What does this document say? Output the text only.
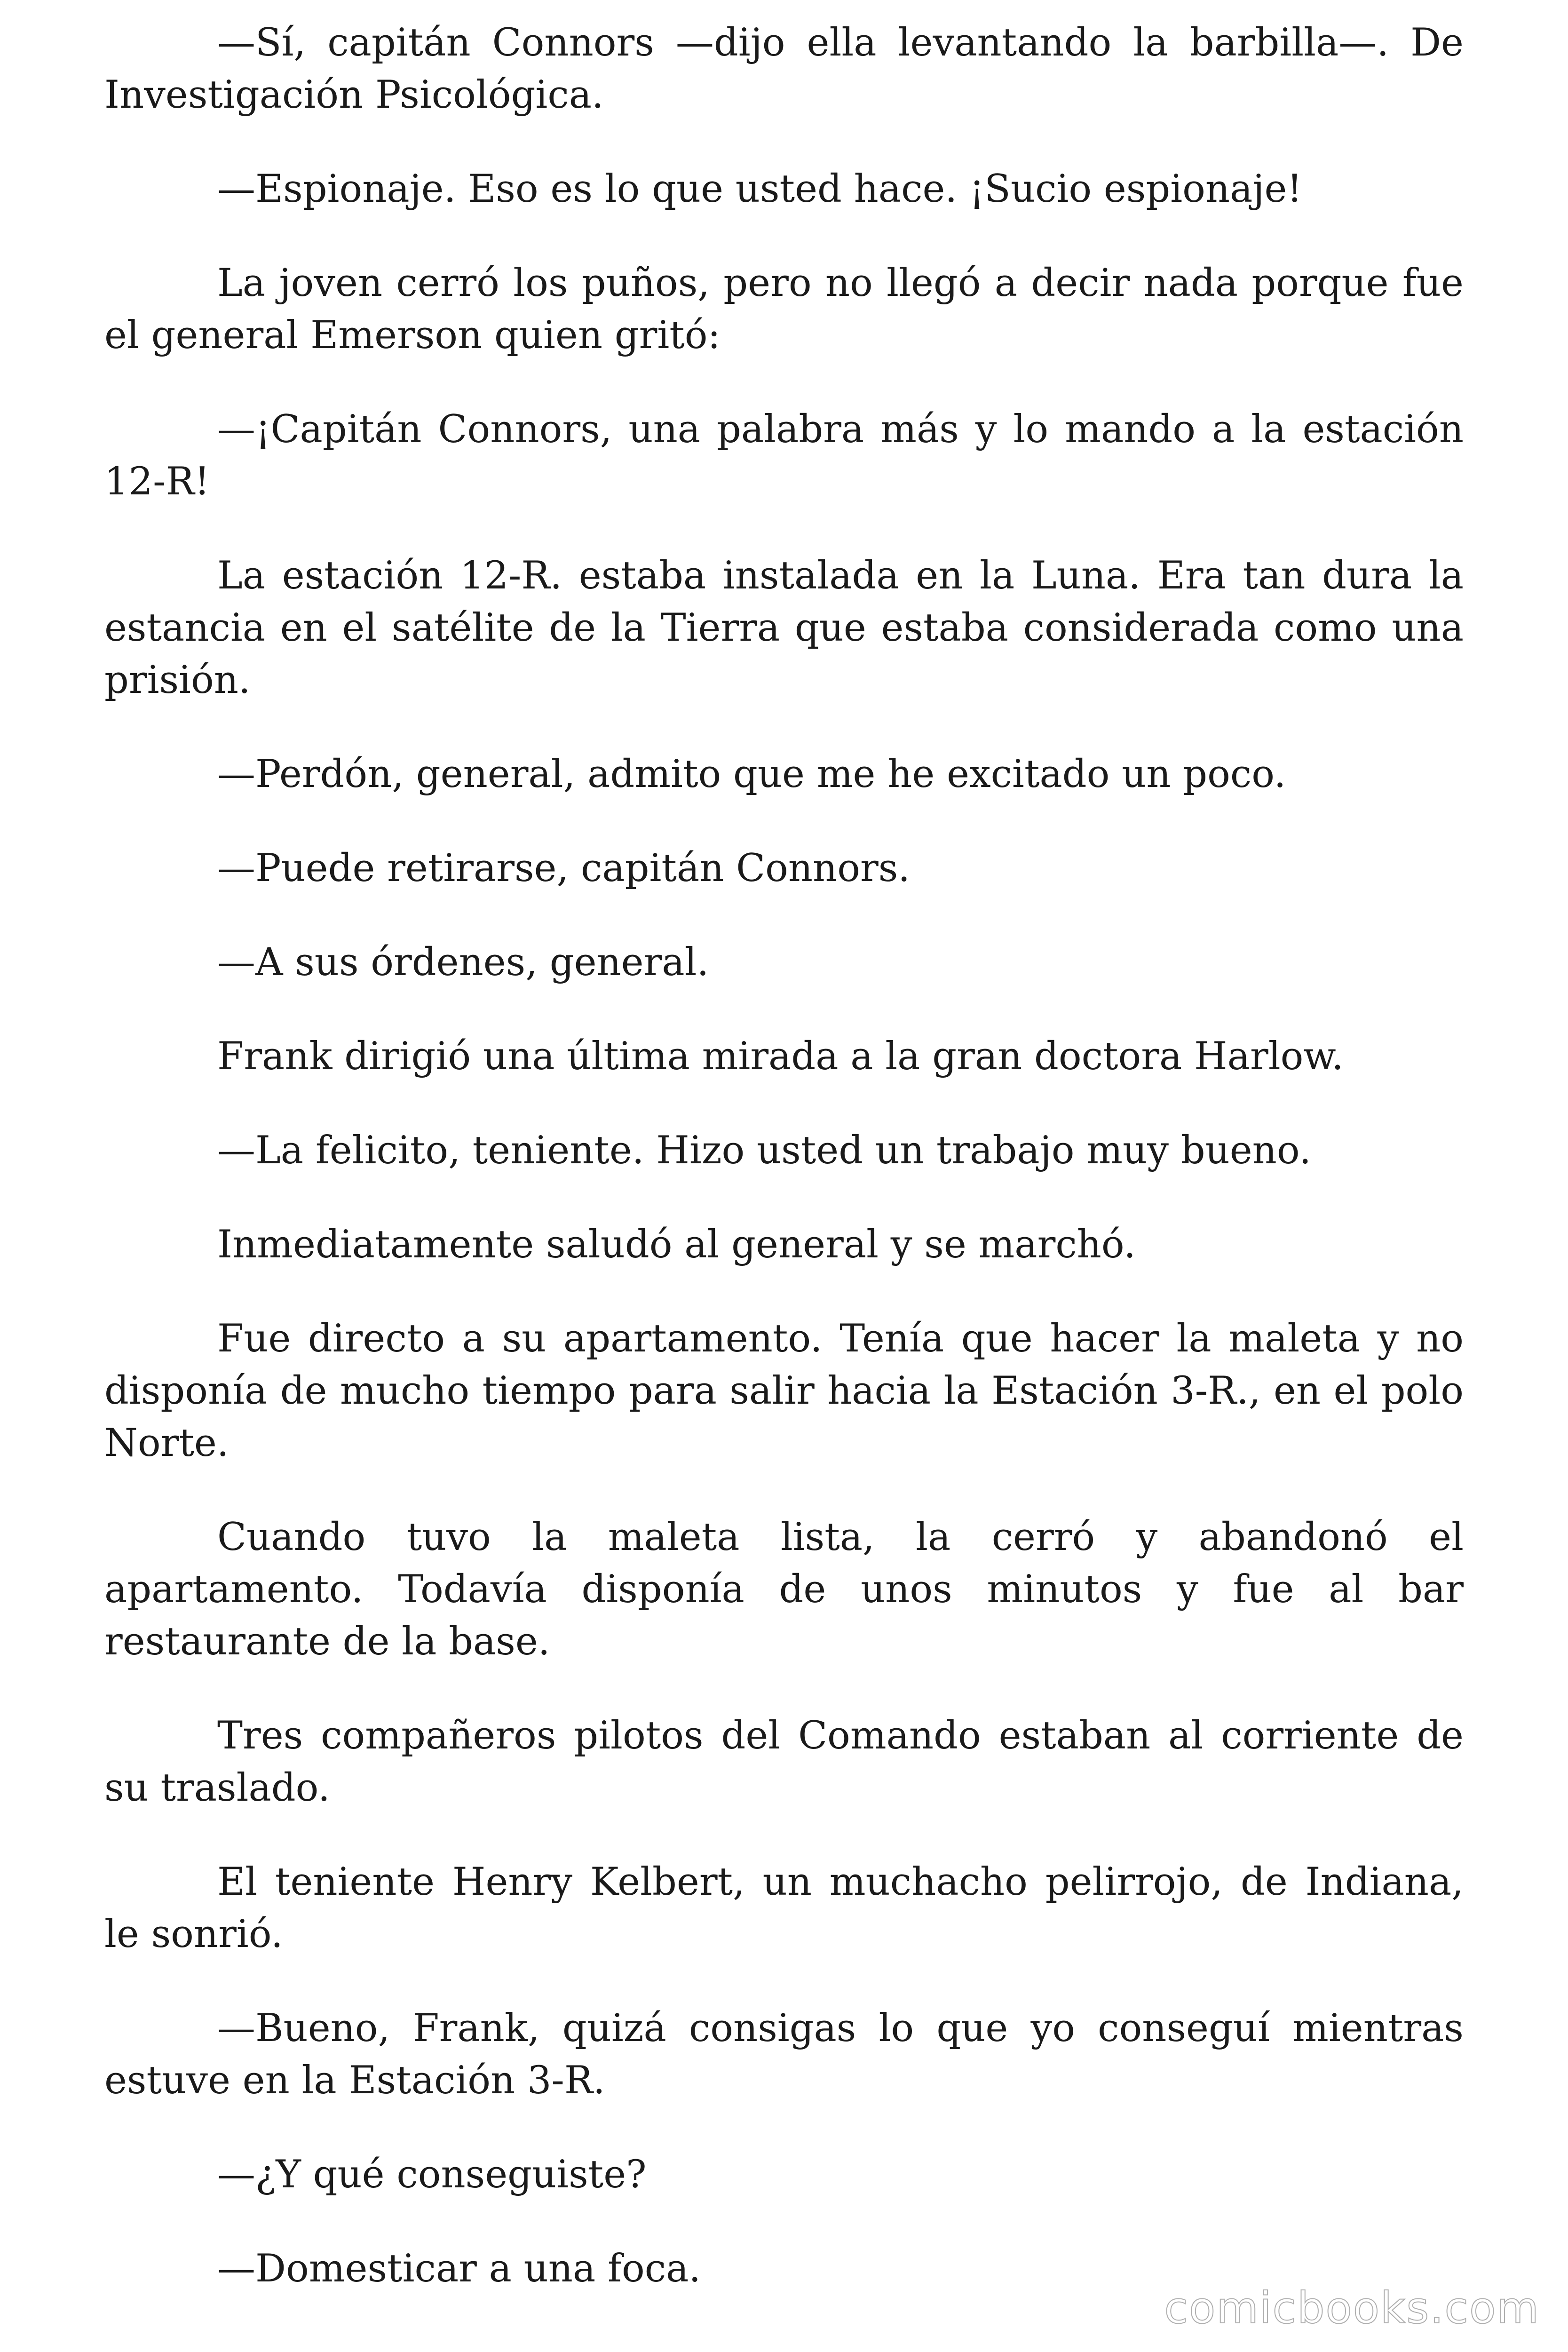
—Sí, capitán Connors —dijo ella levantando la barbilla—. De Investigación Psicológica.

—Espionaje. Eso es lo que usted hace. ¡Sucio espionaje!

La joven cerró los puños, pero no llegó a decir nada porque fue el general Emerson quien gritó:

—¡Capitán Connors, una palabra más y lo mando a la estación 12-R!

La estación 12-R. estaba instalada en la Luna. Era tan dura la estancia en el satélite de la Tierra que estaba considerada como una prisión.

—Perdón, general, admito que me he excitado un poco.

—Puede retirarse, capitán Connors.

—A sus órdenes, general.

Frank dirigió una última mirada a la gran doctora Harlow.

—La felicito, teniente. Hizo usted un trabajo muy bueno.

Inmediatamente saludó al general y se marchó.

Fue directo a su apartamento. Tenía que hacer la maleta y no disponía de mucho tiempo para salir hacia la Estación 3-R., en el polo Norte.

Cuando tuvo la maleta lista, la cerró y abandonó el apartamento. Todavía disponía de unos minutos y fue al bar restaurante de la base.

Tres compañeros pilotos del Comando estaban al corriente de su traslado.

El teniente Henry Kelbert, un muchacho pelirrojo, de Indiana, le sonrió.

—Bueno, Frank, quizá consigas lo que yo conseguí mientras estuve en la Estación 3-R.

—¿Y qué conseguiste?

—Domesticar a una foca.

comicbooks.com
